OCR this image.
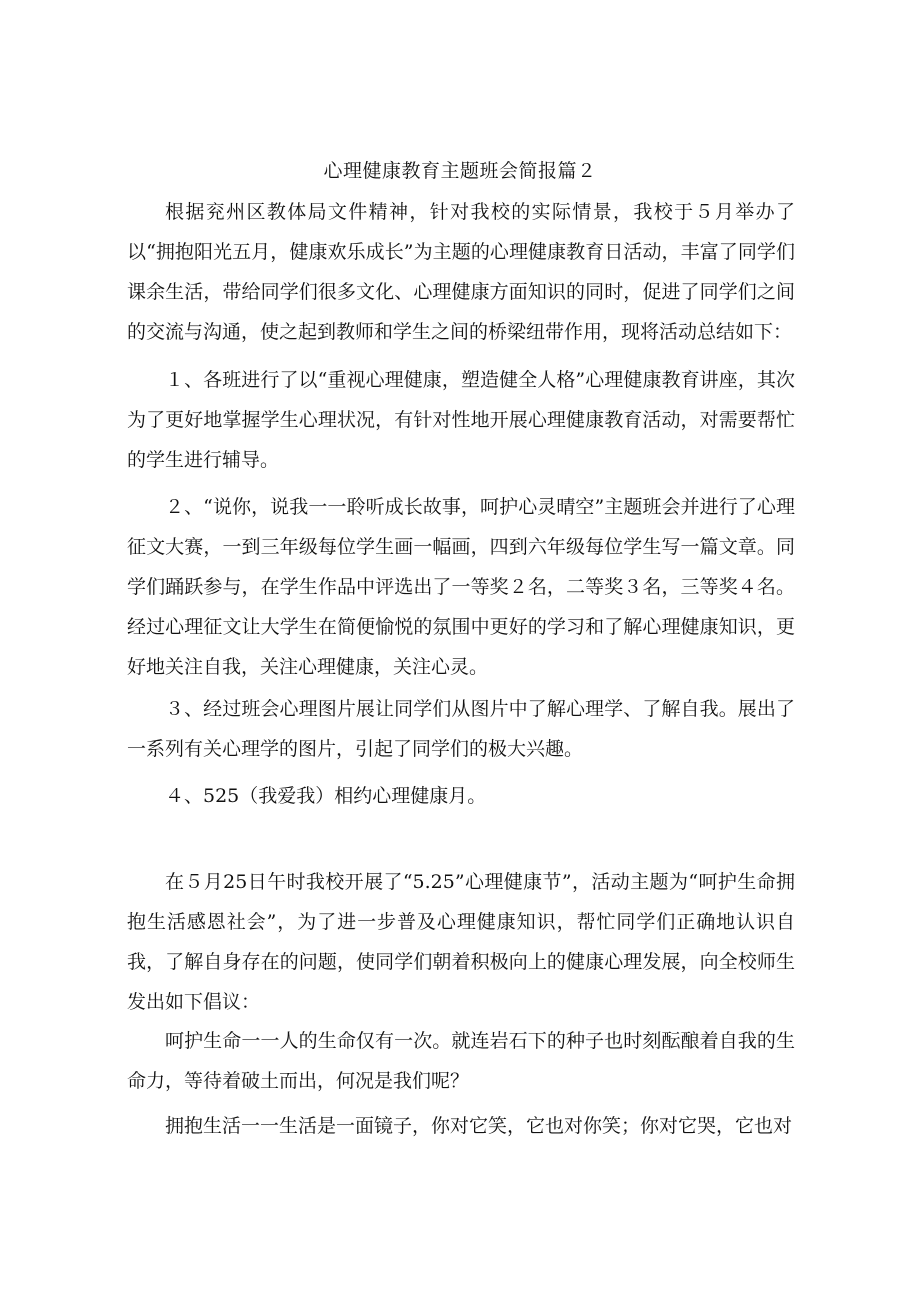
心理健康教育主题班会简报篇２

根据兖州区教体局文件精神，针对我校的实际情景，我校于５月举办了以“拥抱阳光五月，健康欢乐成长”为主题的心理健康教育日活动，丰富了同学们课余生活，带给同学们很多文化、心理健康方面知识的同时，促进了同学们之间的交流与沟通，使之起到教师和学生之间的桥梁纽带作用，现将活动总结如下：

１、各班进行了以“重视心理健康，塑造健全人格”心理健康教育讲座，其次为了更好地掌握学生心理状况，有针对性地开展心理健康教育活动，对需要帮忙的学生进行辅导。

２、“说你，说我一一聆听成长故事，呵护心灵晴空”主题班会并进行了心理征文大赛，一到三年级每位学生画一幅画，四到六年级每位学生写一篇文章。同学们踊跃参与，在学生作品中评选出了一等奖２名，二等奖３名，三等奖４名。经过心理征文让大学生在简便愉悦的氛围中更好的学习和了解心理健康知识，更好地关注自我，关注心理健康，关注心灵。

３、经过班会心理图片展让同学们从图片中了解心理学、了解自我。展出了一系列有关心理学的图片，引起了同学们的极大兴趣。

４、525（我爱我）相约心理健康月。

在５月25日午时我校开展了“5.25”心理健康节”，活动主题为“呵护生命拥抱生活感恩社会”，为了进一步普及心理健康知识，帮忙同学们正确地认识自我，了解自身存在的问题，使同学们朝着积极向上的健康心理发展，向全校师生发出如下倡议：

呵护生命一一人的生命仅有一次。就连岩石下的种子也时刻酝酿着自我的生命力，等待着破土而出，何况是我们呢？

拥抱生活一一生活是一面镜子，你对它笑，它也对你笑；你对它哭，它也对
